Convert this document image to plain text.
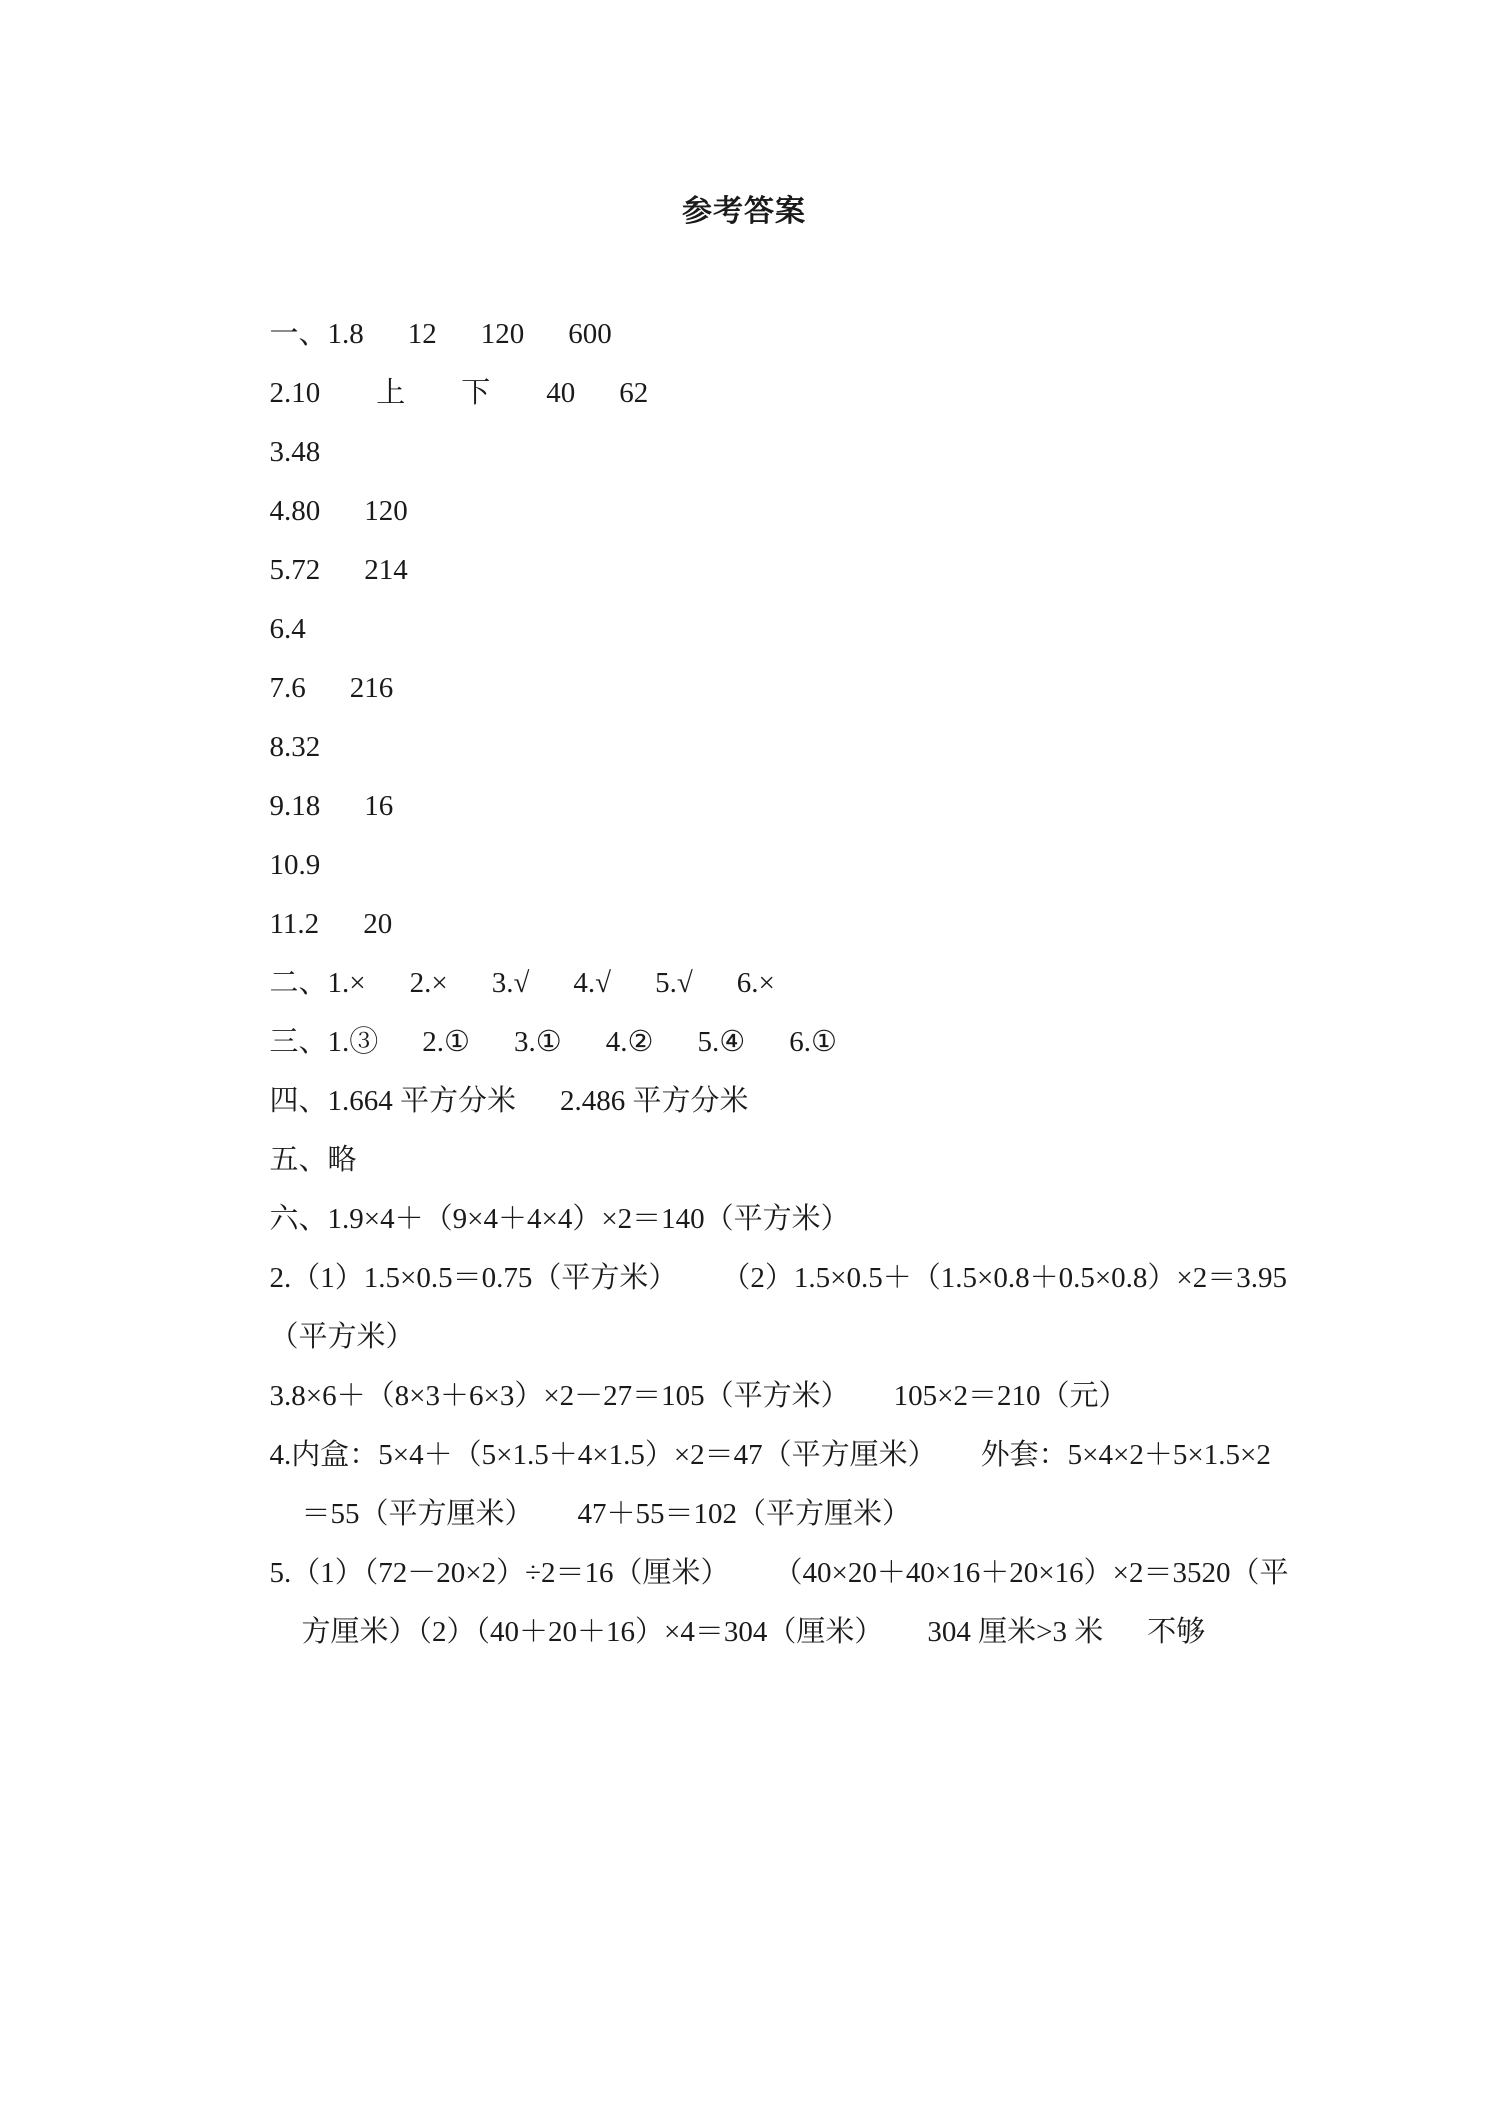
参考答案

一、1.8 12 120 600

2.10 上 下 40 62

3.48

4.80 120

5.72 214

6.4

7.6 216

8.32

9.18 16

10.9

11.2 20

二、1.× 2.× 3.√ 4.√ 5.√ 6.×

三、1.③ 2.① 3.① 4.② 5.④ 6.①

四、1.664 平方分米 2.486 平方分米

五、略

六、1.9×4＋（9×4＋4×4）×2＝140（平方米）

2.（1）1.5×0.5＝0.75（平方米） （2）1.5×0.5＋（1.5×0.8＋0.5×0.8）×2＝3.95

（平方米）

3.8×6＋（8×3＋6×3）×2－27＝105（平方米） 105×2＝210（元）

4.内盒：5×4＋（5×1.5＋4×1.5）×2＝47（平方厘米） 外套：5×4×2＋5×1.5×2

＝55（平方厘米） 47＋55＝102（平方厘米）

5.（1）（72－20×2）÷2＝16（厘米） （40×20＋40×16＋20×16）×2＝3520（平

方厘米）（2）（40＋20＋16）×4＝304（厘米） 304 厘米>3 米 不够
